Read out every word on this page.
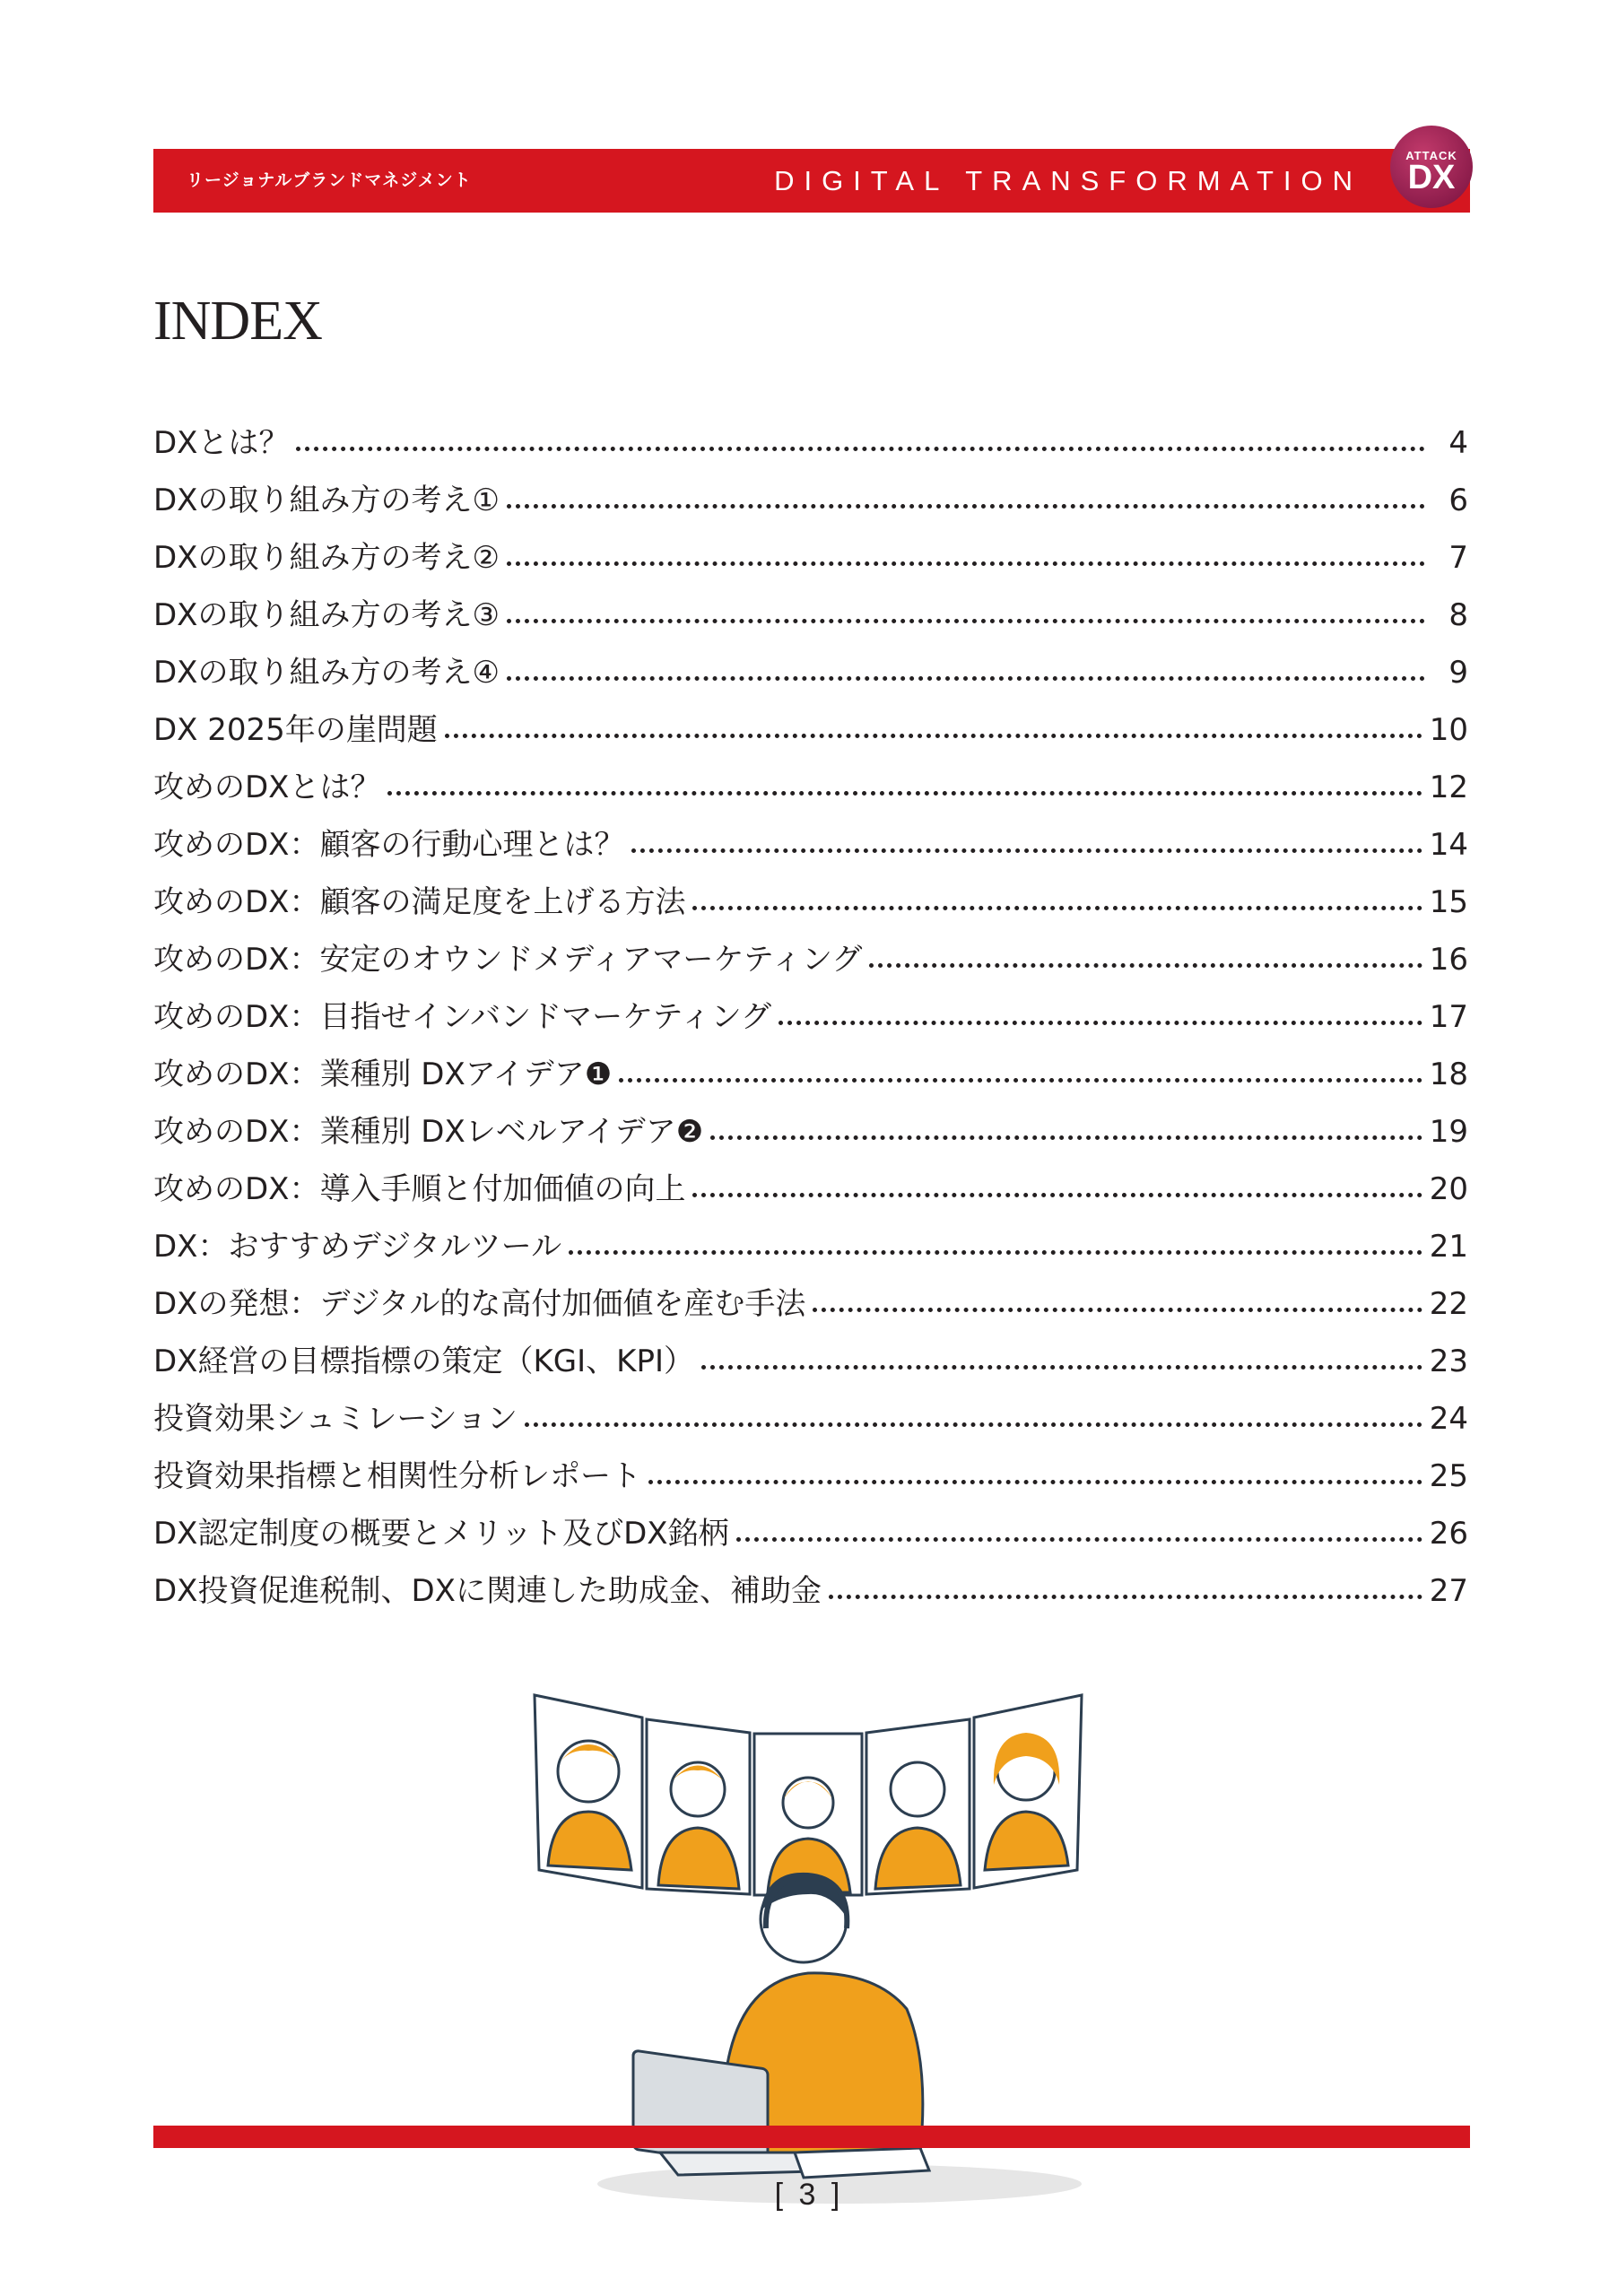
リージョナルブランドマネジメント	DIGITAL TRANSFORMATION
ATTACK
DX
INDEX
DXとは？	4
DXの取り組み方の考え①	6
DXの取り組み方の考え②	7
DXの取り組み方の考え③	8
DXの取り組み方の考え④	9
DX 2025年の崖問題	10
攻めのDXとは？	12
攻めのDX：顧客の行動心理とは？	14
攻めのDX：顧客の満足度を上げる方法	15
攻めのDX：安定のオウンドメディアマーケティング	16
攻めのDX：目指せインバンドマーケティング	17
攻めのDX：業種別 DXアイデア❶	18
攻めのDX：業種別 DXレベルアイデア❷	19
攻めのDX：導入手順と付加価値の向上	20
DX：おすすめデジタルツール	21
DXの発想：デジタル的な高付加価値を産む手法	22
DX経営の目標指標の策定（KGI、KPI）	23
投資効果シュミレーション	24
投資効果指標と相関性分析レポート	25
DX認定制度の概要とメリット及びDX銘柄	26
DX投資促進税制、DXに関連した助成金、補助金	27
[ 3 ]
